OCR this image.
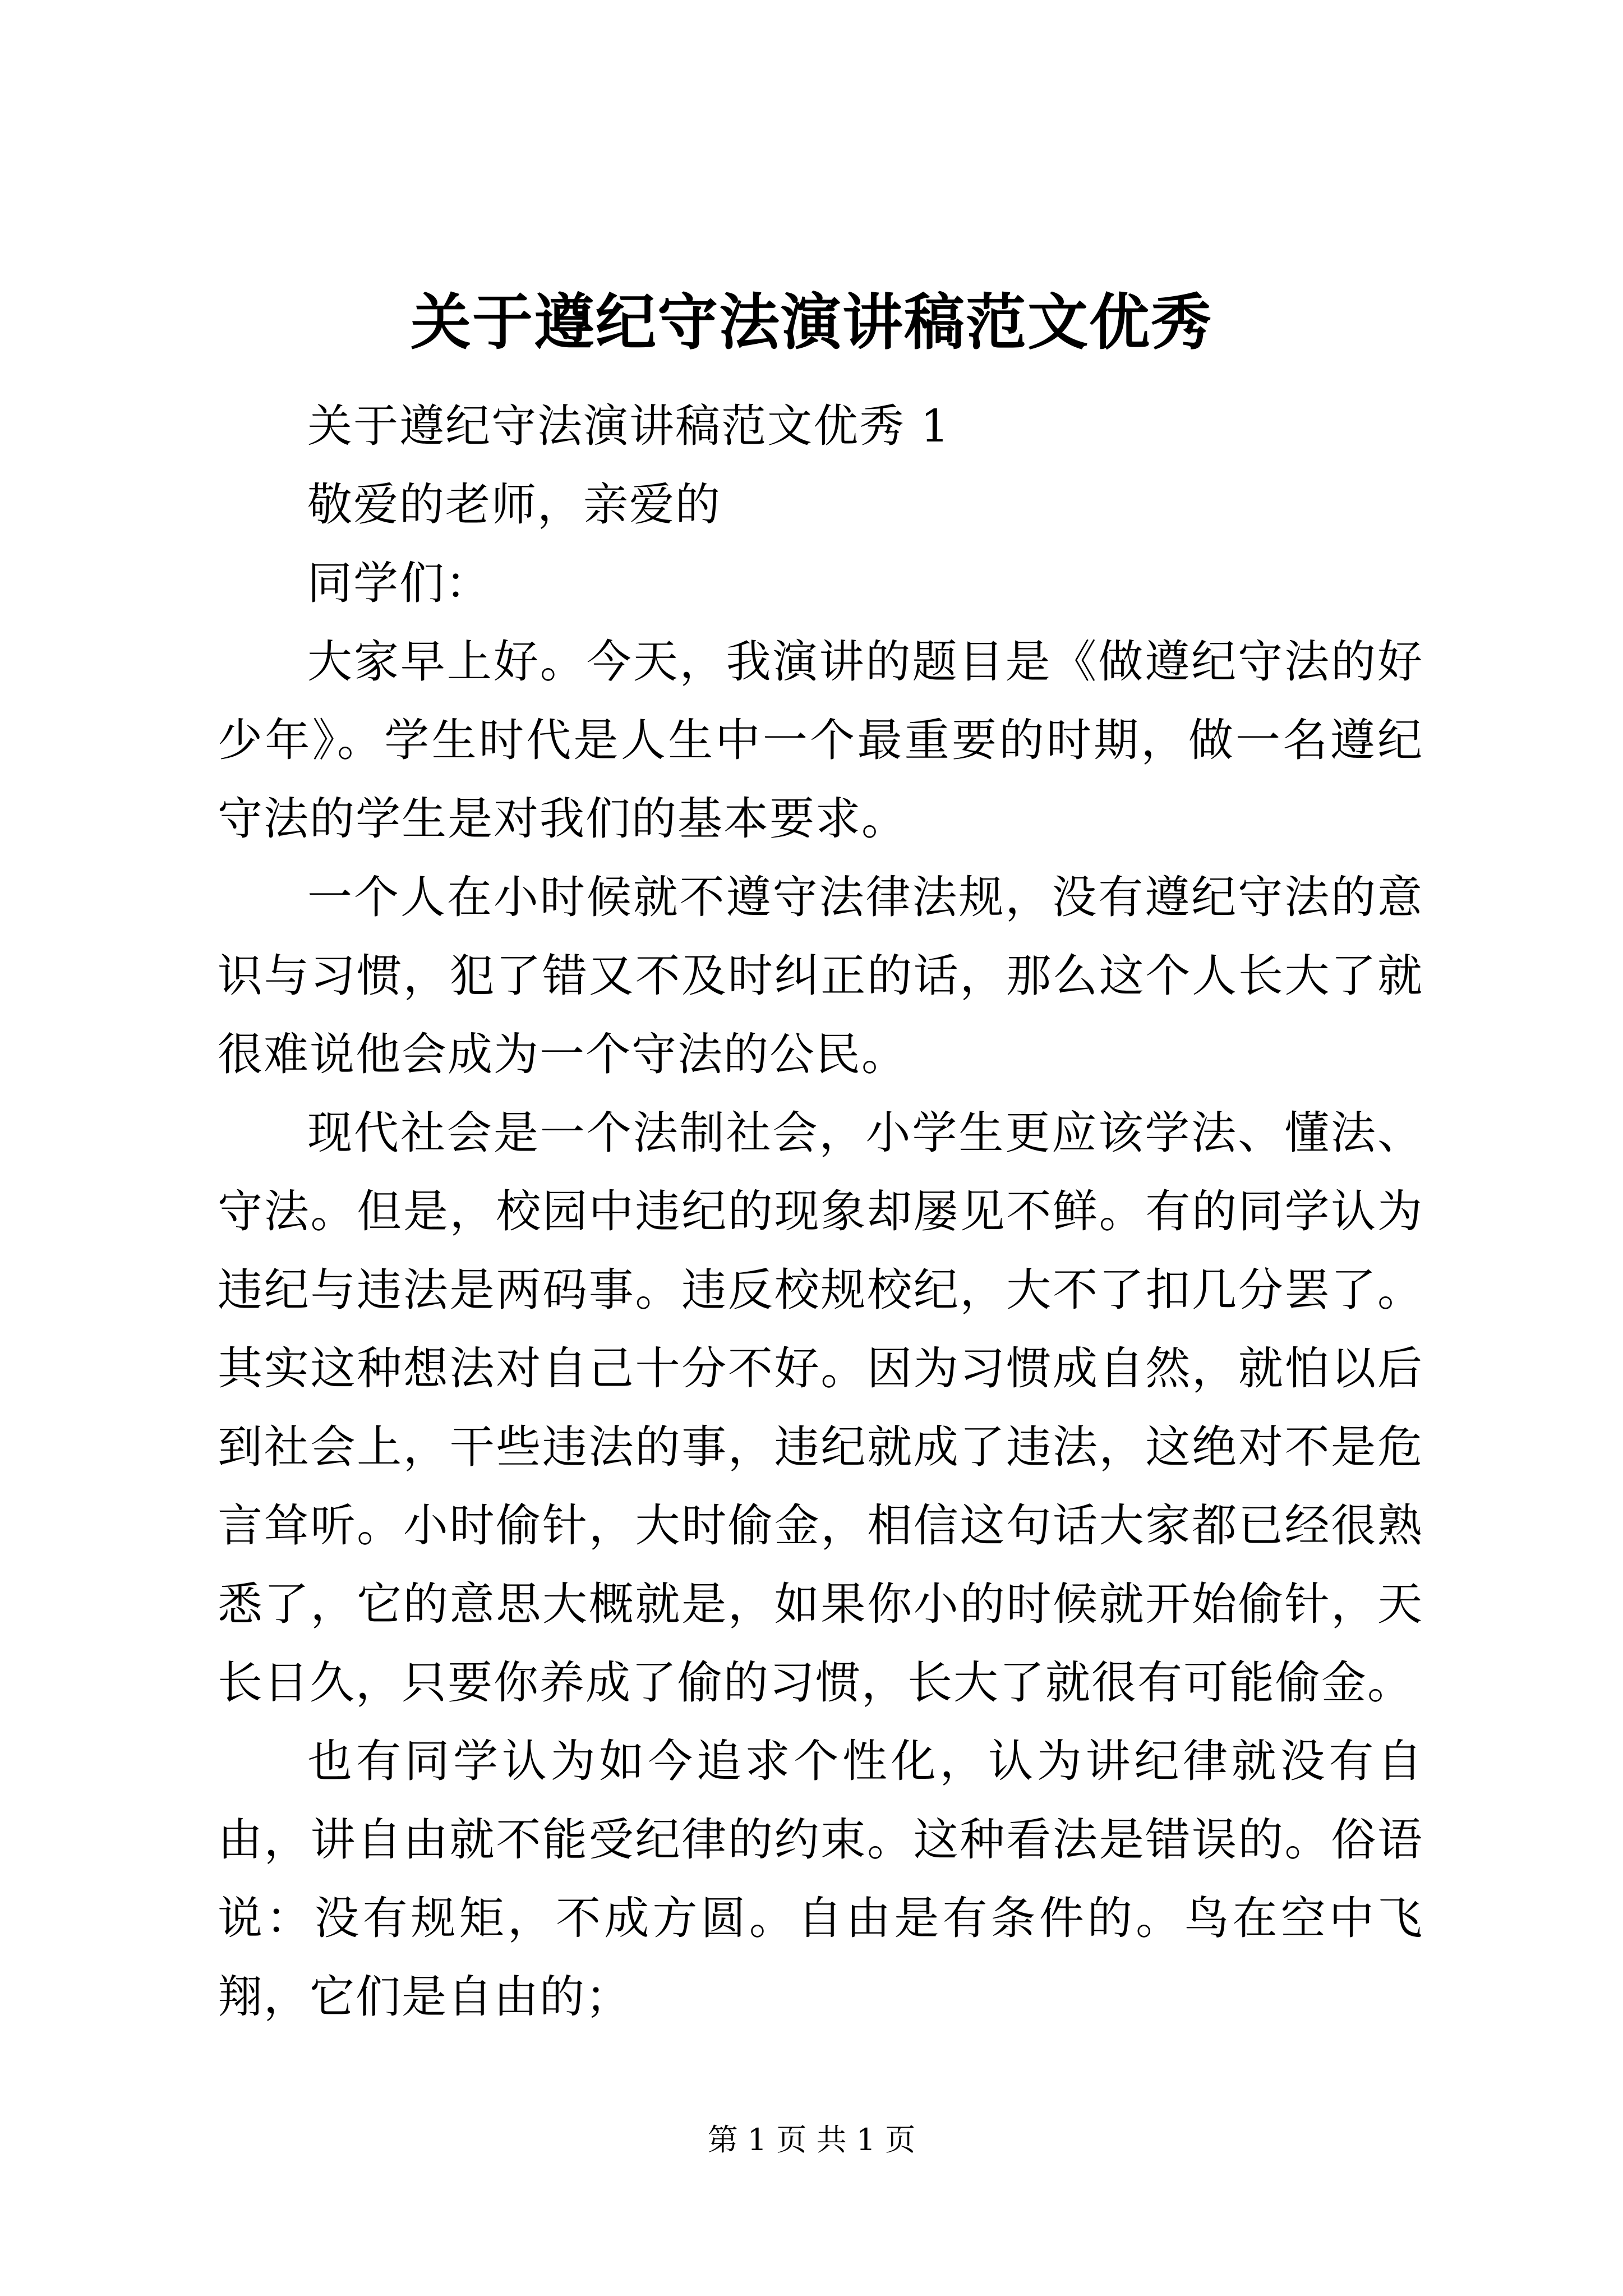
关于遵纪守法演讲稿范文优秀

关于遵纪守法演讲稿范文优秀 1

敬爱的老师，亲爱的

同学们：

大家早上好。今天，我演讲的题目是《做遵纪守法的好少年》。学生时代是人生中一个最重要的时期，做一名遵纪守法的学生是对我们的基本要求。

一个人在小时候就不遵守法律法规，没有遵纪守法的意识与习惯，犯了错又不及时纠正的话，那么这个人长大了就很难说他会成为一个守法的公民。

现代社会是一个法制社会，小学生更应该学法、懂法、守法。但是，校园中违纪的现象却屡见不鲜。有的同学认为违纪与违法是两码事。违反校规校纪，大不了扣几分罢了。其实这种想法对自己十分不好。因为习惯成自然，就怕以后到社会上，干些违法的事，违纪就成了违法，这绝对不是危言耸听。小时偷针，大时偷金，相信这句话大家都已经很熟悉了，它的意思大概就是，如果你小的时候就开始偷针，天长日久，只要你养成了偷的习惯，长大了就很有可能偷金。

也有同学认为如今追求个性化，认为讲纪律就没有自由，讲自由就不能受纪律的约束。这种看法是错误的。俗语说：没有规矩，不成方圆。自由是有条件的。鸟在空中飞翔，它们是自由的；

第 1 页 共 1 页
